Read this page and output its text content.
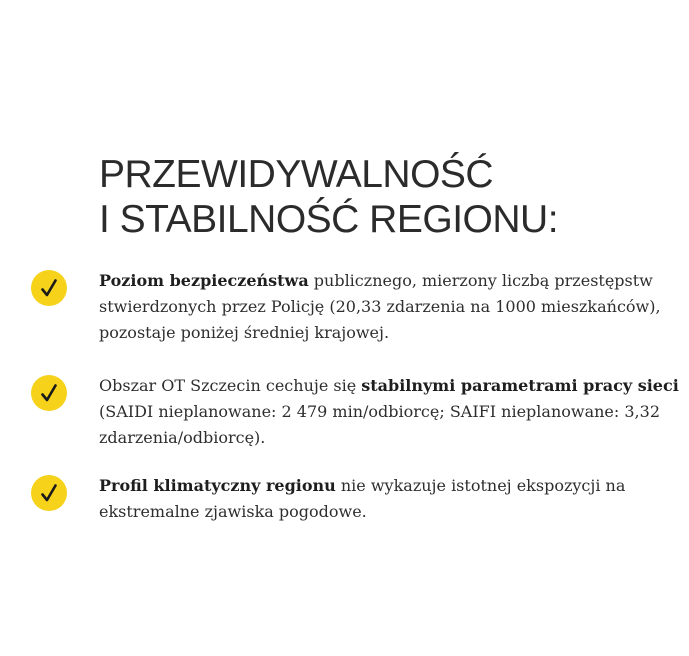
PRZEWIDYWALNOŚĆ
I STABILNOŚĆ REGIONU:

Poziom bezpieczeństwa publicznego, mierzony liczbą przestępstw stwierdzonych przez Policję (20,33 zdarzenia na 1000 mieszkańców), pozostaje poniżej średniej krajowej.

Obszar OT Szczecin cechuje się stabilnymi parametrami pracy sieci (SAIDI nieplanowane: 2 479 min/odbiorcę; SAIFI nieplanowane: 3,32 zdarzenia/odbiorcę).

Profil klimatyczny regionu nie wykazuje istotnej ekspozycji na ekstremalne zjawiska pogodowe.
